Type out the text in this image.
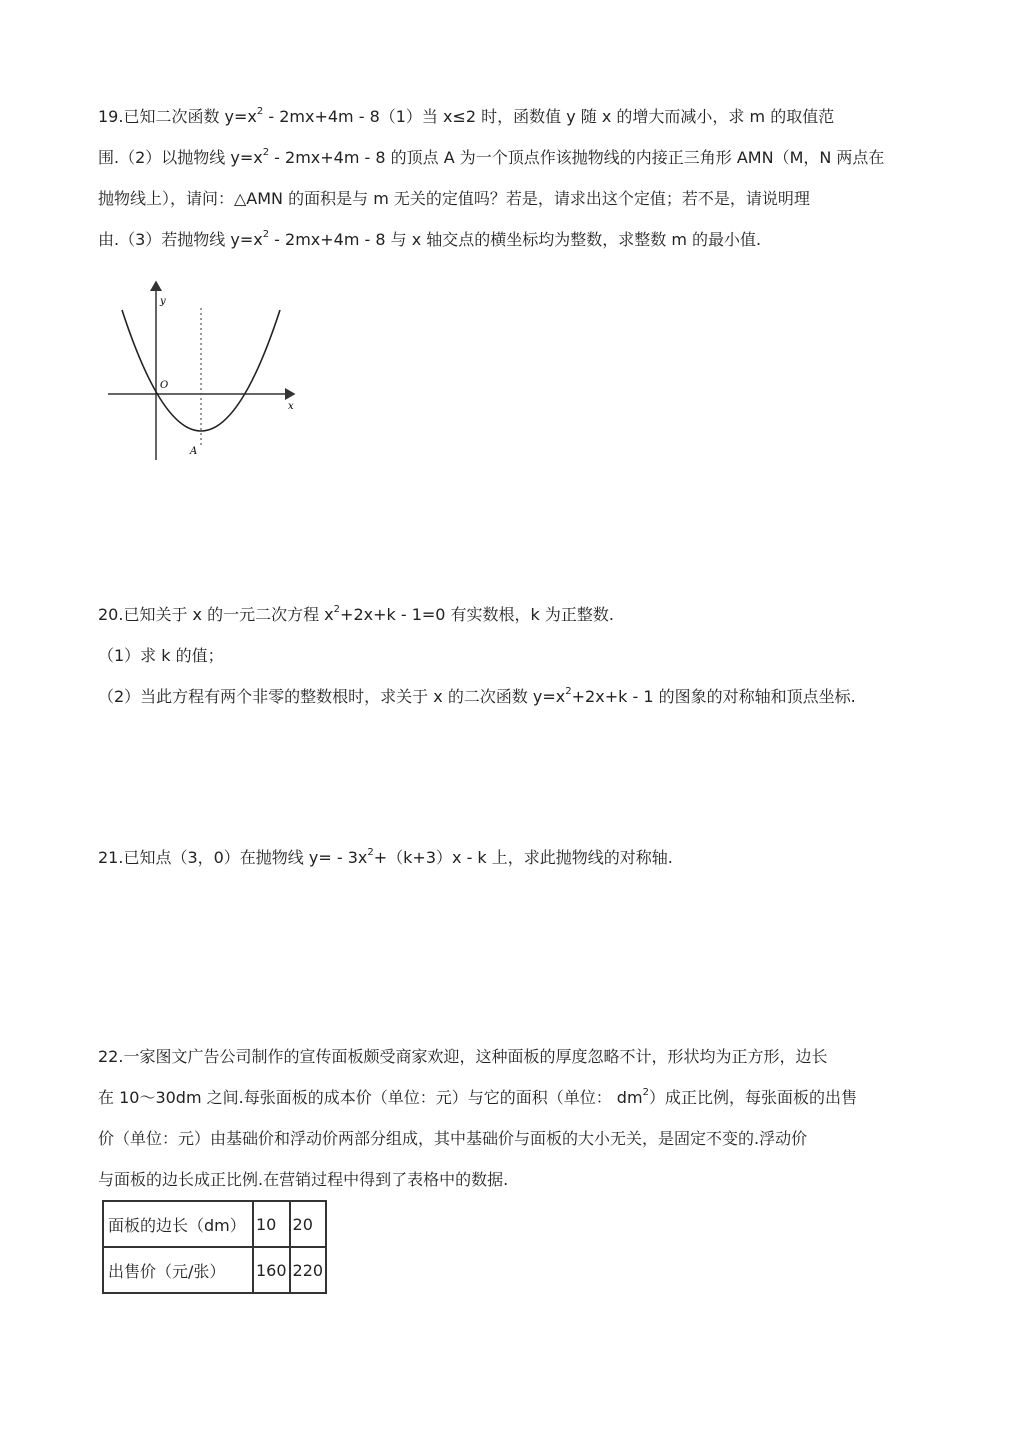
19.已知二次函数 $y=x^2 - 2mx+4m - 8(1)$当 x≤2 时，函数值 y 随 x 的增大而减小，求 m 的取值范
围.（2）以抛物线 $y=x^2 - 2mx+4m - 8$ 的顶点 A 为一个顶点作该抛物线的内接正三角形 AMN（M，N 两点在
抛物线上），请问：△AMN 的面积是与 m 无关的定值吗？若是，请求出这个定值；若不是，请说明理
由.（3）若抛物线 $y=x^2 - 2mx+4m - 8$ 与 x 轴交点的横坐标均为整数，求整数 m 的最小值.
y
x
O
A
20.已知关于 x 的一元二次方程 $x^2+2x+k - 1=0$ 有实数根，k 为正整数.
（1）求 k 的值；
（2）当此方程有两个非零的整数根时，求关于 x 的二次函数 $y=x^2+2x+k - 1$ 的图象的对称轴和顶点坐标.
21.已知点（3，0）在抛物线 $y= - 3x^2+(k+3)x - k$ 上，求此抛物线的对称轴.
22.一家图文广告公司制作的宣传面板颇受商家欢迎，这种面板的厚度忽略不计，形状均为正方形，边长
在 10～30dm 之间.每张面板的成本价（单位：元）与它的面积（单位： $dm^2$）成正比例，每张面板的出售
价（单位：元）由基础价和浮动价两部分组成，其中基础价与面板的大小无关，是固定不变的.浮动价
与面板的边长成正比例.在营销过程中得到了表格中的数据.
面板的边长（dm）	10	20
出售价（元/张）	160	220
